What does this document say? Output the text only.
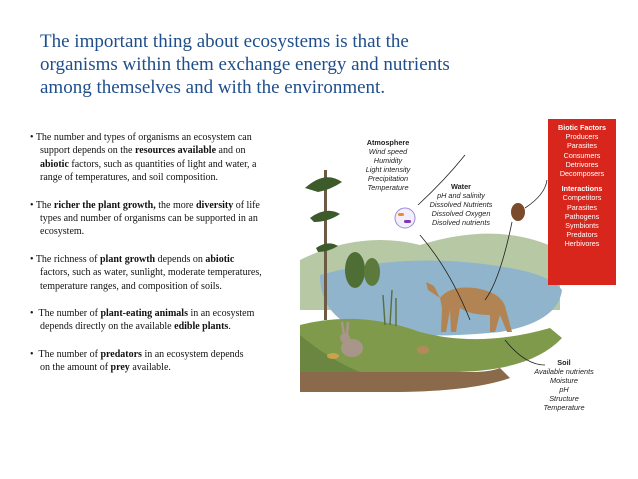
The important thing about ecosystems is that the
organisms within them exchange energy and nutrients
among themselves and with the environment.
• The number and types of organisms an ecosystem can
support depends on the resources available and on
abiotic factors, such as quantities of light and water, a
range of temperatures, and soil composition.
• The richer the plant growth, the more diversity of life
types and number of organisms can be supported in an
ecosystem.
• The richness of plant growth depends on abiotic
factors, such as water, sunlight, moderate temperatures,
temperature ranges, and composition of soils.
•  The number of plant-eating animals in an ecosystem
depends directly on the available edible plants.
•  The number of predators in an ecosystem depends
on the amount of prey available.
Atmosphere
Wind speed
Humidity
Light intensity
Precipitation
Temperature	Water
pH and salinity
Dissolved Nutrients
Dissolved Oxygen
Disolved nutrients
Biotic Factors
Producers
Parasites
Consumers
Detrivores
Decomposers
Interactions
Competitors
Parasites
Pathogens
Symbionts
Predators
Herbivores
Soil
Available nutrients
Moisture
pH
Structure
Temperature
